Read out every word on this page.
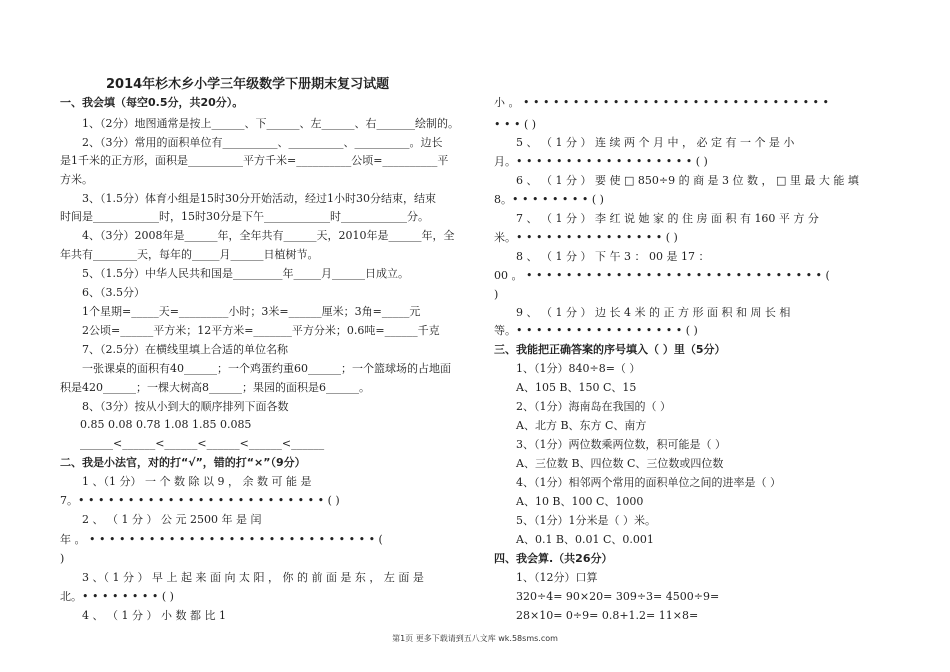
2014年杉木乡小学三年级数学下册期末复习试题
一、我会填（每空0.5分，共20分）。
1、（2分）地图通常是按上______、下______、左______、右_______绘制的。
2、（3分）常用的面积单位有__________、__________、__________。边长
是1千米的正方形，面积是__________平方千米=__________公顷=__________平
方米。
3、（1.5分）体育小组是15时30分开始活动，经过1小时30分结束，结束
时间是____________时，15时30分是下午____________时____________分。
4、（3分）2008年是______年，全年共有______天，2010年是______年，全
年共有________天，每年的_____月______日植树节。
5、（1.5分）中华人民共和国是_________年_____月______日成立。
6、（3.5分）
1个星期=_____天=_________小时；3米=______厘米；3角=_____元
2公顷=______平方米；12平方米=_______平方分米；0.6吨=______千克
7、（2.5分）在横线里填上合适的单位名称
一张课桌的面积有40______；一个鸡蛋约重60______；一个篮球场的占地面
积是420______；一棵大树高8______；果园的面积是6______。
8、（3分）按从小到大的顺序排列下面各数
0.85 0.08 0.78 1.08 1.85 0.085
______<______<______<______<______<______
二、我是小法官，对的打“√”，错的打“×”（9分）
1 、（1 分） 一 个 数 除 以 9 ， 余 数 可 能 是
7。• • • • • • • • • • • • • • • • • • • • • • • • • ( )
2 、 （ 1 分 ） 公 元 2500 年 是 闰
年 。 • • • • • • • • • • • • • • • • • • • • • • • • • • • • • (
)
3 、（ 1 分 ） 早 上 起 来 面 向 太 阳 ， 你 的 前 面 是 东 ， 左 面 是
北。• • • • • • • • ( )
4 、 （ 1 分 ） 小 数 都 比 1
小 。 • • • • • • • • • • • • • • • • • • • • • • • • • • • • • • •
• • • ( )
5 、 （ 1 分 ） 连 续 两 个 月 中 ， 必 定 有 一 个 是 小
月。• • • • • • • • • • • • • • • • • • ( )
6 、 （ 1 分 ） 要 使 □ 850÷9 的 商 是 3 位 数 ， □ 里 最 大 能 填
8。• • • • • • • • ( )
7 、 （ 1 分 ） 李 红 说 她 家 的 住 房 面 积 有 160 平 方 分
米。• • • • • • • • • • • • • • • ( )
8 、 （ 1 分 ） 下 午 3 ： 00 是 17 ：
00 。 • • • • • • • • • • • • • • • • • • • • • • • • • • • • • • (
)
9 、 （ 1 分 ） 边 长 4 米 的 正 方 形 面 积 和 周 长 相
等。• • • • • • • • • • • • • • • • • ( )
三、我能把正确答案的序号填入（ ）里（5分）
1、（1分）840÷8=（ ）
A、105 B、150 C、15
2、（1分）海南岛在我国的（ ）
A、北方 B、东方 C、南方
3、（1分）两位数乘两位数，积可能是（ ）
A、三位数 B、四位数 C、三位数或四位数
4、（1分）相邻两个常用的面积单位之间的进率是（ ）
A、10 B、100 C、1000
5、（1分）1分米是（ ）米。
A、0.1 B、0.01 C、0.001
四、我会算.（共26分）
1、（12分）口算
320÷4= 90×20= 309÷3= 4500÷9=
28×10= 0÷9= 0.8+1.2= 11×8=
第1页 更多下载请到五八文库 wk.58sms.com
